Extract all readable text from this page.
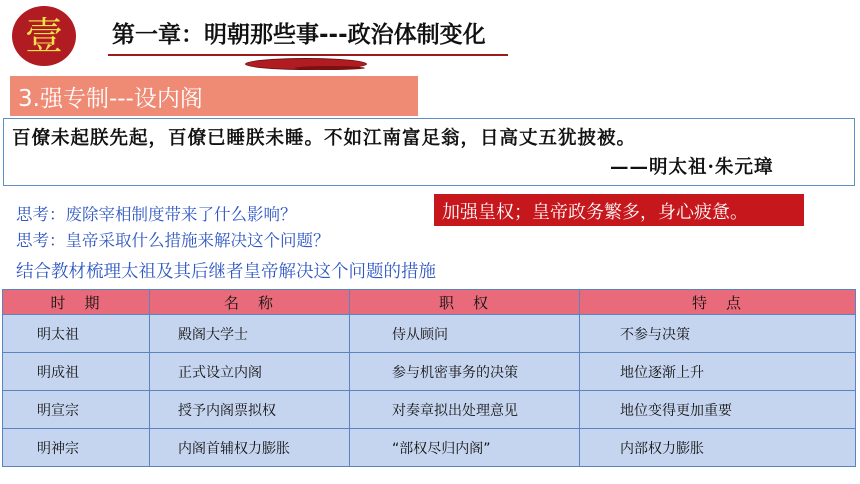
壹	第一章：明朝那些事---政治体制变化
3.强专制---设内阁
百僚未起朕先起，百僚已睡朕未睡。不如江南富足翁，日高丈五犹披被。
——明太祖·朱元璋
思考：废除宰相制度带来了什么影响？
思考：皇帝采取什么措施来解决这个问题？
结合教材梳理太祖及其后继者皇帝解决这个问题的措施
加强皇权；皇帝政务繁多，身心疲惫。
时　期	名　称	职　权	特　点
明太祖	殿阁大学士	侍从顾问	不参与决策
明成祖	正式设立内阁	参与机密事务的决策	地位逐渐上升
明宣宗	授予内阁票拟权	对奏章拟出处理意见	地位变得更加重要
明神宗	内阁首辅权力膨胀	“部权尽归内阁”	内部权力膨胀
